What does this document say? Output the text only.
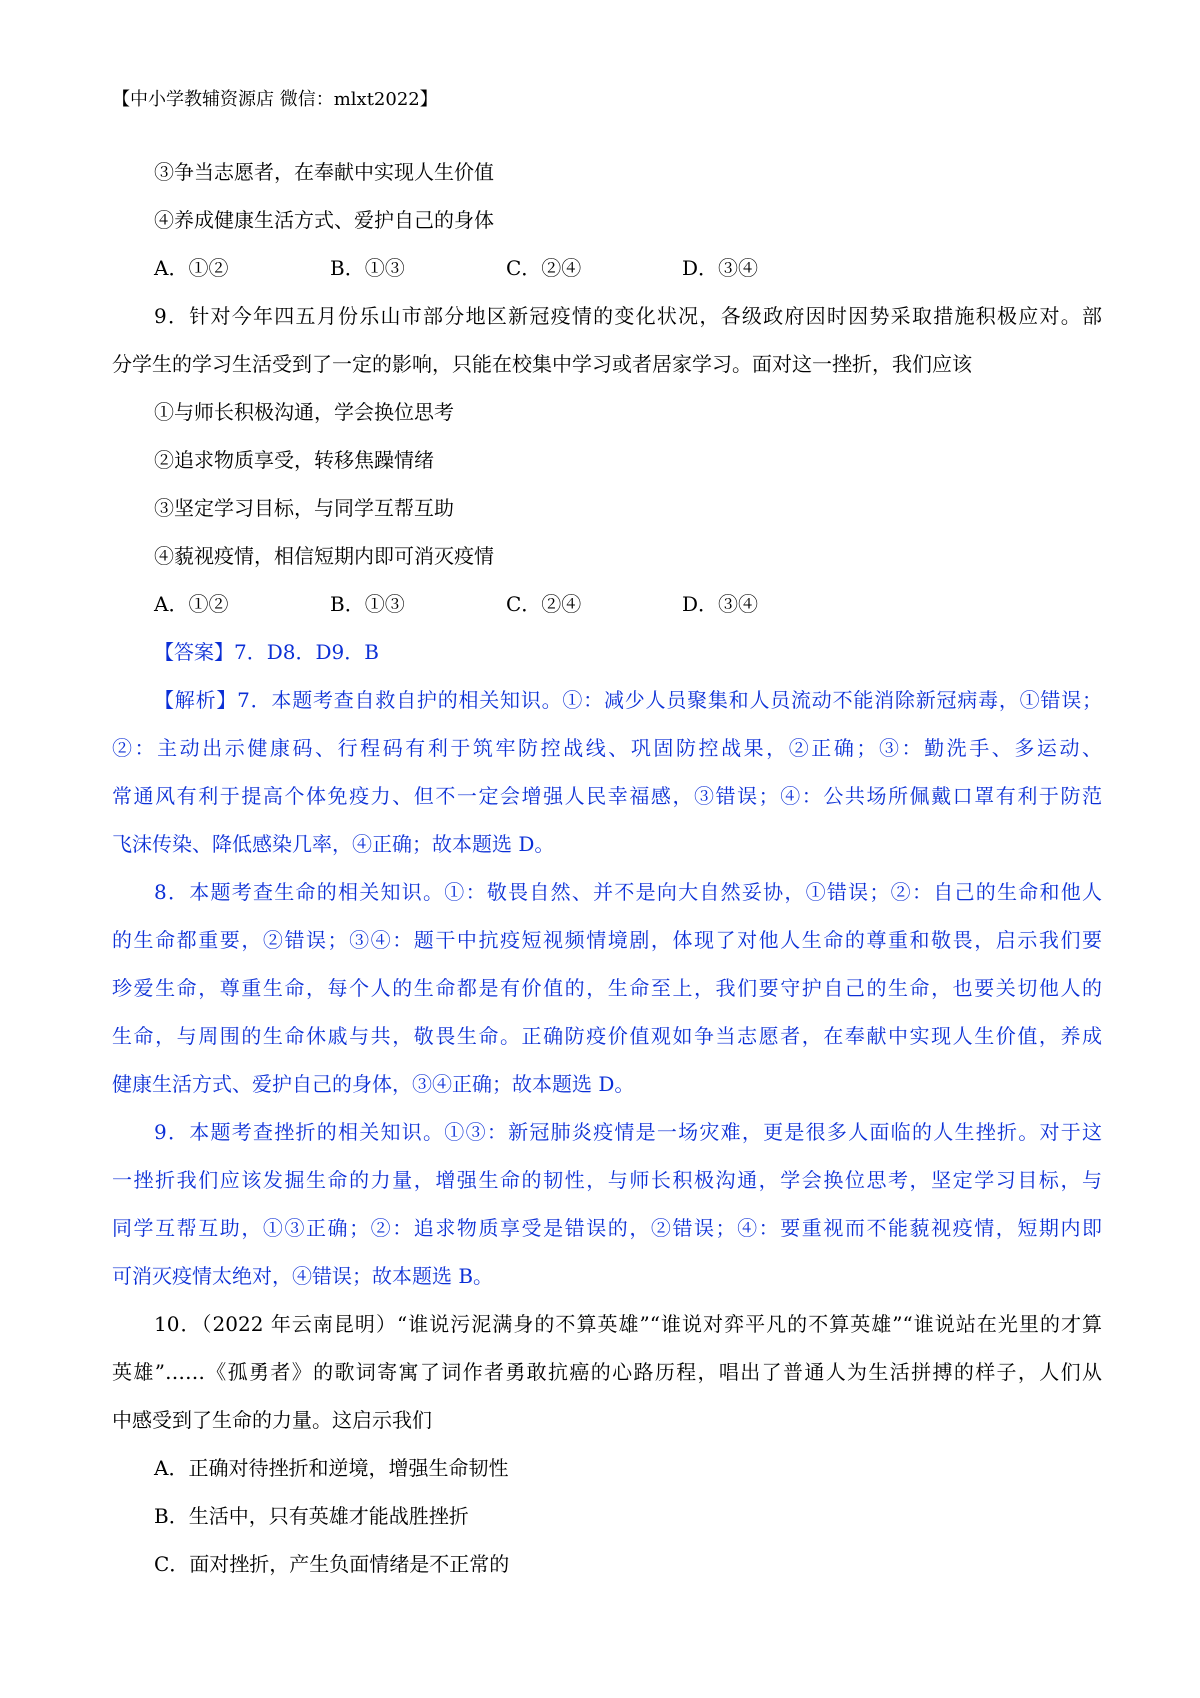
【中小学教辅资源店 微信：mlxt2022】
③争当志愿者，在奉献中实现人生价值
④养成健康生活方式、爱护自己的身体
A．①②	B．①③	C．②④	D．③④
9．针对今年四五月份乐山市部分地区新冠疫情的变化状况，各级政府因时因势采取措施积极应对。部
分学生的学习生活受到了一定的影响，只能在校集中学习或者居家学习。面对这一挫折，我们应该
①与师长积极沟通，学会换位思考
②追求物质享受，转移焦躁情绪
③坚定学习目标，与同学互帮互助
④藐视疫情，相信短期内即可消灭疫情
A．①②	B．①③	C．②④	D．③④
【答案】7．D8．D9．B
【解析】7．本题考查自救自护的相关知识。①：减少人员聚集和人员流动不能消除新冠病毒，①错误；
②：主动出示健康码、行程码有利于筑牢防控战线、巩固防控战果，②正确；③：勤洗手、多运动、
常通风有利于提高个体免疫力、但不一定会增强人民幸福感，③错误；④：公共场所佩戴口罩有利于防范
飞沫传染、降低感染几率，④正确；故本题选 D。
8．本题考查生命的相关知识。①：敬畏自然、并不是向大自然妥协，①错误；②：自己的生命和他人
的生命都重要，②错误；③④：题干中抗疫短视频情境剧，体现了对他人生命的尊重和敬畏，启示我们要
珍爱生命，尊重生命，每个人的生命都是有价值的，生命至上，我们要守护自己的生命，也要关切他人的
生命，与周围的生命休戚与共，敬畏生命。正确防疫价值观如争当志愿者，在奉献中实现人生价值，养成
健康生活方式、爱护自己的身体，③④正确；故本题选 D。
9．本题考查挫折的相关知识。①③：新冠肺炎疫情是一场灾难，更是很多人面临的人生挫折。对于这
一挫折我们应该发掘生命的力量，增强生命的韧性，与师长积极沟通，学会换位思考，坚定学习目标，与
同学互帮互助，①③正确；②：追求物质享受是错误的，②错误；④：要重视而不能藐视疫情，短期内即
可消灭疫情太绝对，④错误；故本题选 B。
10．（2022 年云南昆明）“谁说污泥满身的不算英雄”“谁说对弈平凡的不算英雄”“谁说站在光里的才算
英雄”……《孤勇者》的歌词寄寓了词作者勇敢抗癌的心路历程，唱出了普通人为生活拼搏的样子，人们从
中感受到了生命的力量。这启示我们
A．正确对待挫折和逆境，增强生命韧性
B．生活中，只有英雄才能战胜挫折
C．面对挫折，产生负面情绪是不正常的
